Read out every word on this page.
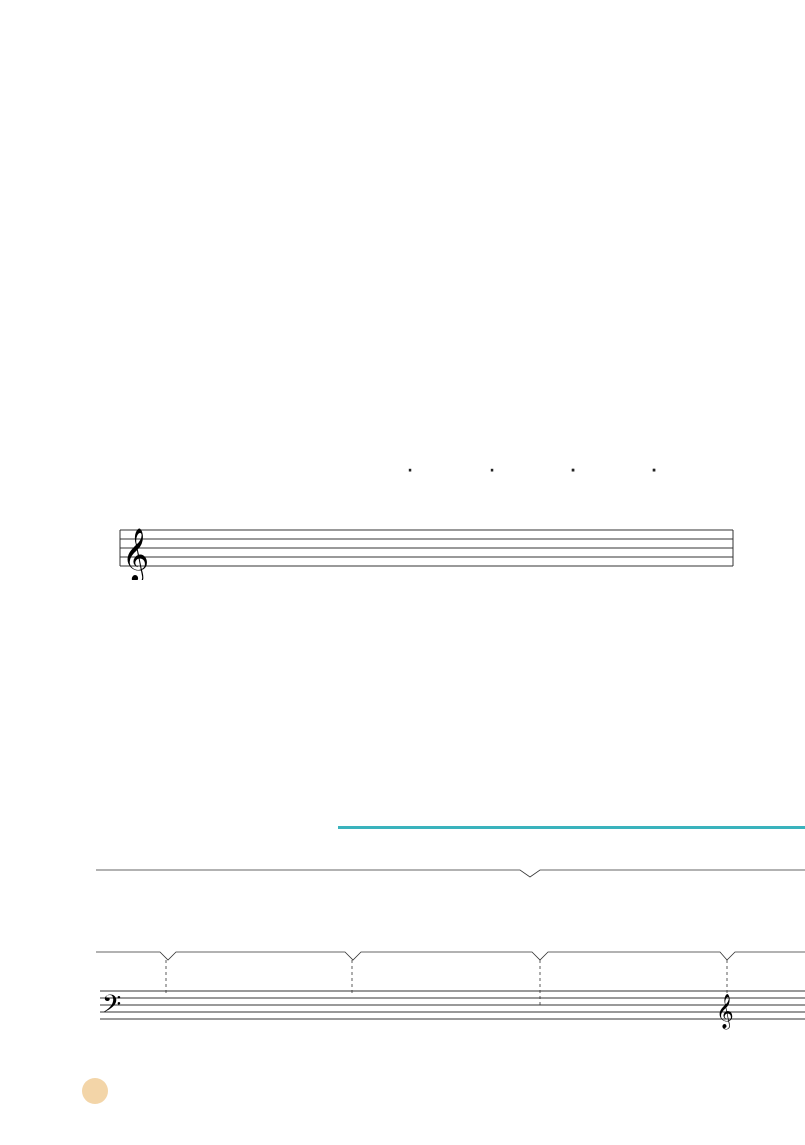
𝄞
𝄢	𝄞
